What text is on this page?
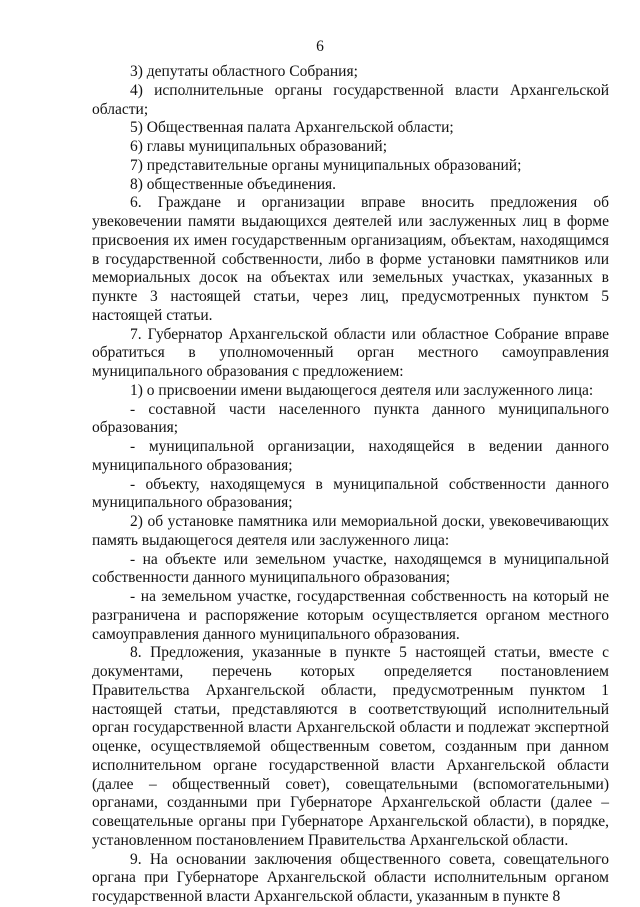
6

3) депутаты областного Собрания;

4) исполнительные органы государственной власти Архангельской области;

5) Общественная палата Архангельской области;

6) главы муниципальных образований;

7) представительные органы муниципальных образований;

8) общественные объединения.

6. Граждане и организации вправе вносить предложения об увековечении памяти выдающихся деятелей или заслуженных лиц в форме присвоения их имен государственным организациям, объектам, находящимся в государственной собственности, либо в форме установки памятников или мемориальных досок на объектах или земельных участках, указанных в пункте 3 настоящей статьи, через лиц, предусмотренных пунктом 5 настоящей статьи.

7. Губернатор Архангельской области или областное Собрание вправе обратиться в уполномоченный орган местного самоуправления муниципального образования с предложением:

1) о присвоении имени выдающегося деятеля или заслуженного лица:

- составной части населенного пункта данного муниципального образования;

- муниципальной организации, находящейся в ведении данного муниципального образования;

- объекту, находящемуся в муниципальной собственности данного муниципального образования;

2) об установке памятника или мемориальной доски, увековечивающих память выдающегося деятеля или заслуженного лица:

- на объекте или земельном участке, находящемся в муниципальной собственности данного муниципального образования;

- на земельном участке, государственная собственность на который не разграничена и распоряжение которым осуществляется органом местного самоуправления данного муниципального образования.

8. Предложения, указанные в пункте 5 настоящей статьи, вместе с документами, перечень которых определяется постановлением Правительства Архангельской области, предусмотренным пунктом 1 настоящей статьи, представляются в соответствующий исполнительный орган государственной власти Архангельской области и подлежат экспертной оценке, осуществляемой общественным советом, созданным при данном исполнительном органе государственной власти Архангельской области (далее – общественный совет), совещательными (вспомогательными) органами, созданными при Губернаторе Архангельской области (далее – совещательные органы при Губернаторе Архангельской области), в порядке, установленном постановлением Правительства Архангельской области.

9. На основании заключения общественного совета, совещательного органа при Губернаторе Архангельской области исполнительным органом государственной власти Архангельской области, указанным в пункте 8
